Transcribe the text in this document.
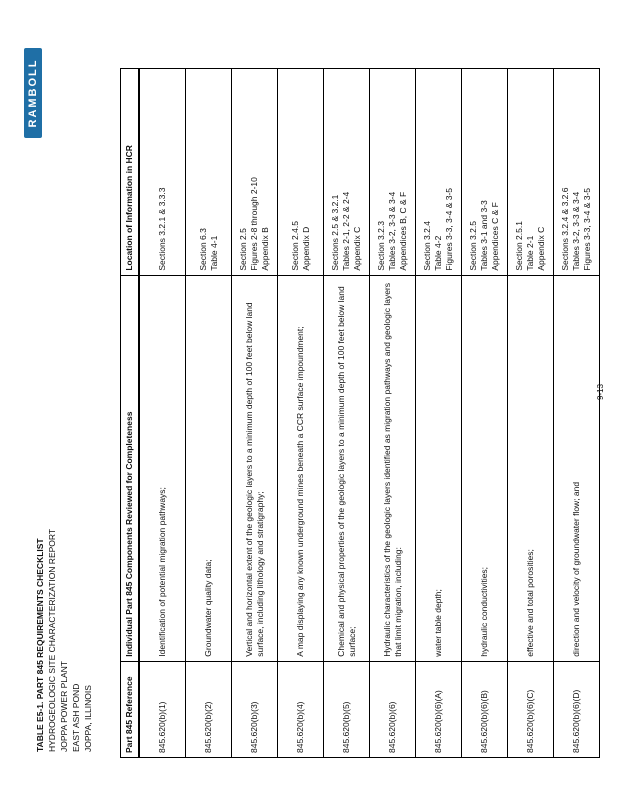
TABLE E5-1. PART 845 REQUIREMENTS CHECKLIST HYDROGEOLOGIC SITE CHARACTERIZATION REPORT JOPPA POWER PLANT EAST ASH POND JOPPA, ILLINOIS
RAMBOLL
Part 845 Reference	Individual Part 845 Components Reviewed for Completeness	Location of Information in HCR
845.620(b)(1)	Identification of potential migration pathways;	Sections 3.2.1 & 3.3.3
845.620(b)(2)	Groundwater quality data;	Section 6.3
Table 4-1
845.620(b)(3)	Vertical and horizontal extent of the geologic layers to a minimum depth of 100 feet below land surface, including lithology and stratigraphy;	Section 2.5
Figures 2-8 through 2-10
Appendix B
845.620(b)(4)	A map displaying any known underground mines beneath a CCR surface impoundment;	Section 2.4.5
Appendix D
845.620(b)(5)	Chemical and physical properties of the geologic layers to a minimum depth of 100 feet below land surface;	Sections 2.5 & 3.2.1
Tables 2-1, 2-2 & 2-4
Appendix C
845.620(b)(6)	Hydraulic characteristics of the geologic layers identified as migration pathways and geologic layers that limit migration, including:	Section 3.2.3
Tables 3-2, 3-3 & 3-4
Appendices B, C & F
845.620(b)(6)(A)	water table depth;	Section 3.2.4
Table 4-2
Figures 3-3, 3-4 & 3-5
845.620(b)(6)(B)	hydraulic conductivities;	Section 3.2.5
Tables 3-1 and 3-3
Appendices C & F
845.620(b)(6)(C)	effective and total porosities;	Section 2.5.1
Table 2-1
Appendix C
845.620(b)(6)(D)	direction and velocity of groundwater flow; and	Sections 3.2.4 & 3.2.6
Tables 3-2, 3-3 & 3-4
Figures 3-3, 3-4 & 3-5
9-13
